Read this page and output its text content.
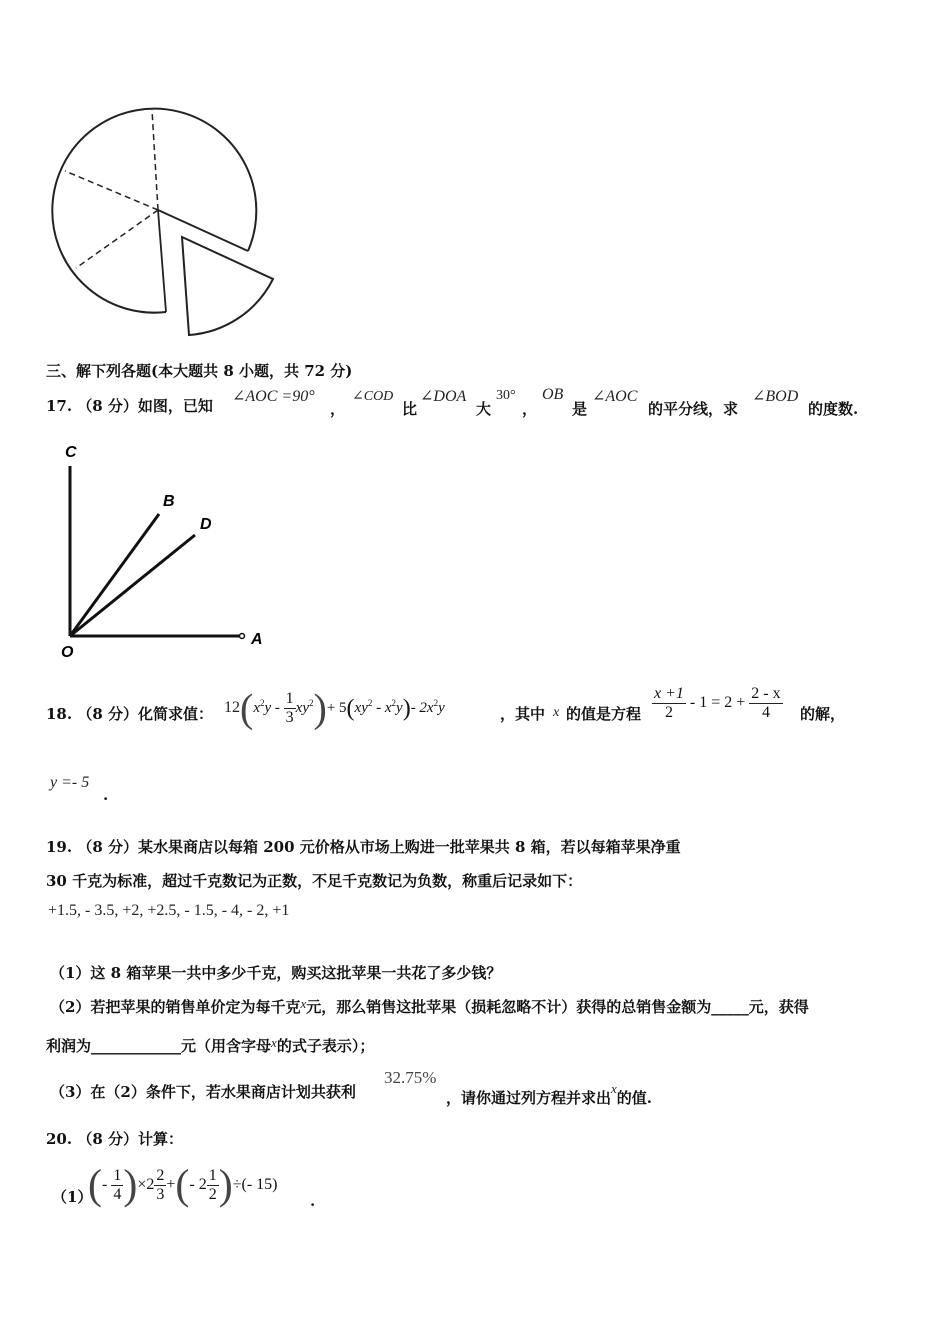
三、解下列各题(本大题共 8 小题，共 72 分)
17. （8 分）如图，已知
∠AOC =90°
，
∠COD
比
∠DOA
大
30°
，
OB
是
∠AOC
的平分线，求
∠BOD
的度数.
C
B
D
O
A
18. （8 分）化简求值： $12(x^2y - \frac{1}{3} xy^2)+ 5(xy^2 - x^2y)-$ $2x^2y$	，其中 x 的值是方程 $\frac{x +1}{2} - 1 = 2 + \frac{2 - x}{4}$ 的解，
y =- 5
.
19. （8 分）某水果商店以每箱 200 元价格从市场上购进一批苹果共 8 箱，若以每箱苹果净重
30 千克为标准，超过千克数记为正数，不足千克数记为负数，称重后记录如下：
+1.5, - 3.5, +2, +2.5, - 1.5, - 4, - 2, +1
（1）这 8 箱苹果一共中多少千克，购买这批苹果一共花了多少钱？
（2）若把苹果的销售单价定为每千克x元，那么销售这批苹果（损耗忽略不计）获得的总销售金额为_____元，获得
利润为____________元（用含字母x的式子表示）；
（3）在（2）条件下，若水果商店计划共获利
32.75%
，请你通过列方程并求出x的值.
20. （8 分）计算：
（1）
(- $\frac{1}{4} )\times 2 \frac{2}{3}$ +(- $2 \frac{1}{2}$ )÷(- 15)
.
